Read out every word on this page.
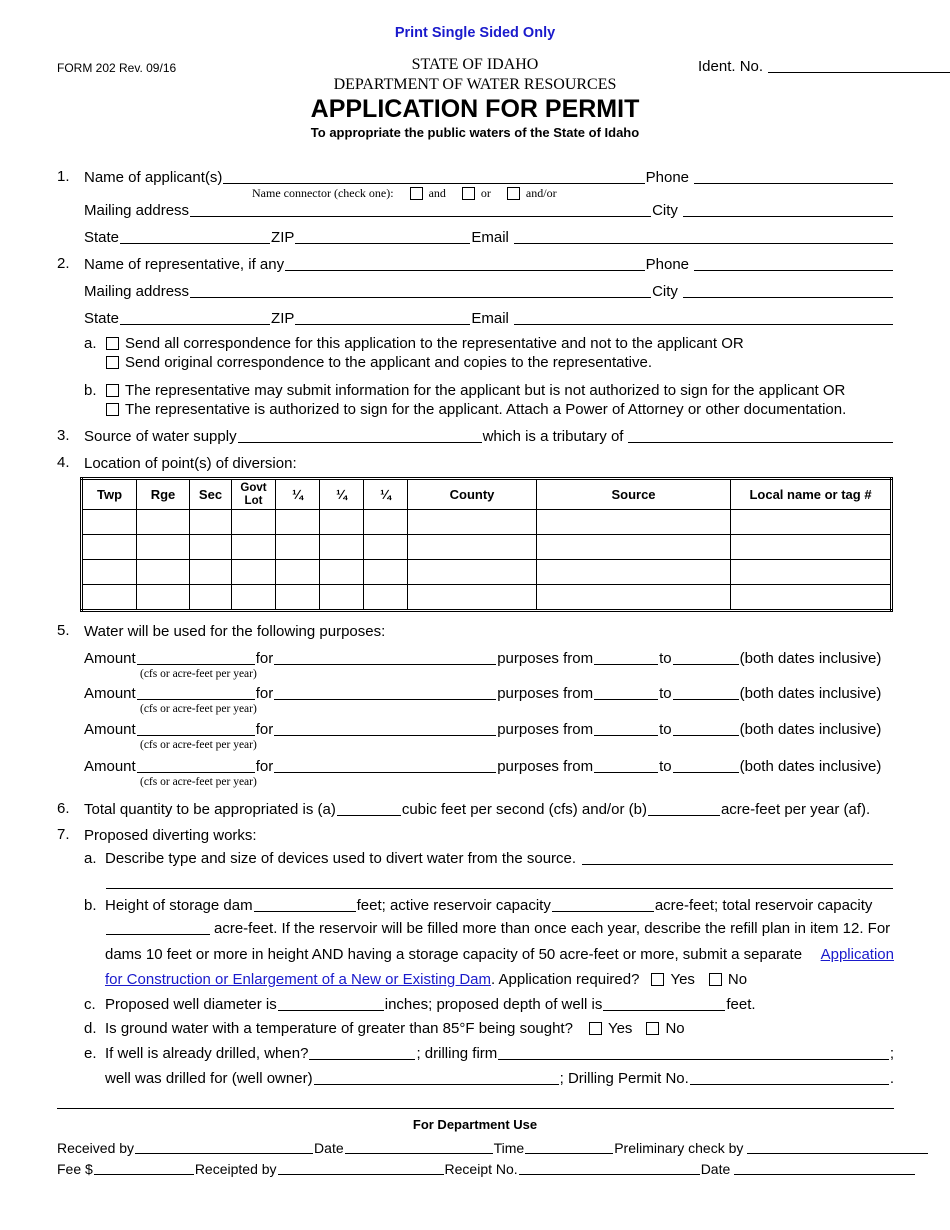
Print Single Sided Only
FORM 202 Rev. 09/16	STATE OF IDAHO
DEPARTMENT OF WATER RESOURCES
APPLICATION FOR PERMIT
To appropriate the public waters of the State of Idaho
Ident. No.
1. Name of applicant(s)	Phone
Name connector (check one):	and	or	and/or
Mailing address	City
State	ZIP	Email
2. Name of representative, if any	Phone
Mailing address	City
State	ZIP	Email
a.	Send all correspondence for this application to the representative and not to the applicant OR
Send original correspondence to the applicant and copies to the representative.
b.	The representative may submit information for the applicant but is not authorized to sign for the applicant OR
The representative is authorized to sign for the applicant. Attach a Power of Attorney or other documentation.
3. Source of water supply	which is a tributary of
4. Location of point(s) of diversion:
Twp	Rge	Sec	Govt Lot	¼	¼	¼	County	Source	Local name or tag #

5. Water will be used for the following purposes:
Amount	for	purposes from	to	(both dates inclusive)
(cfs or acre-feet per year)
Amount	for	purposes from	to	(both dates inclusive)
(cfs or acre-feet per year)
Amount	for	purposes from	to	(both dates inclusive)
(cfs or acre-feet per year)
Amount	for	purposes from	to	(both dates inclusive)
(cfs or acre-feet per year)
6. Total quantity to be appropriated is (a)	cubic feet per second (cfs) and/or (b)	acre-feet per year (af).
7. Proposed diverting works:
a. Describe type and size of devices used to divert water from the source.
b. Height of storage dam	feet; active reservoir capacity	acre-feet; total reservoir capacity
acre-feet. If the reservoir will be filled more than once each year, describe the refill plan in item 12. For
dams 10 feet or more in height AND having a storage capacity of 50 acre-feet or more, submit a separate Application
for Construction or Enlargement of a New or Existing Dam . Application required? Yes No
c. Proposed well diameter is	inches; proposed depth of well is	feet.
d. Is ground water with a temperature of greater than 85°F being sought? Yes No
e. If well is already drilled, when?	; drilling firm	;
well was drilled for (well owner)	; Drilling Permit No.	.
For Department Use
Received by	Date	Time	Preliminary check by
Fee $	Receipted by	Receipt No.	Date
